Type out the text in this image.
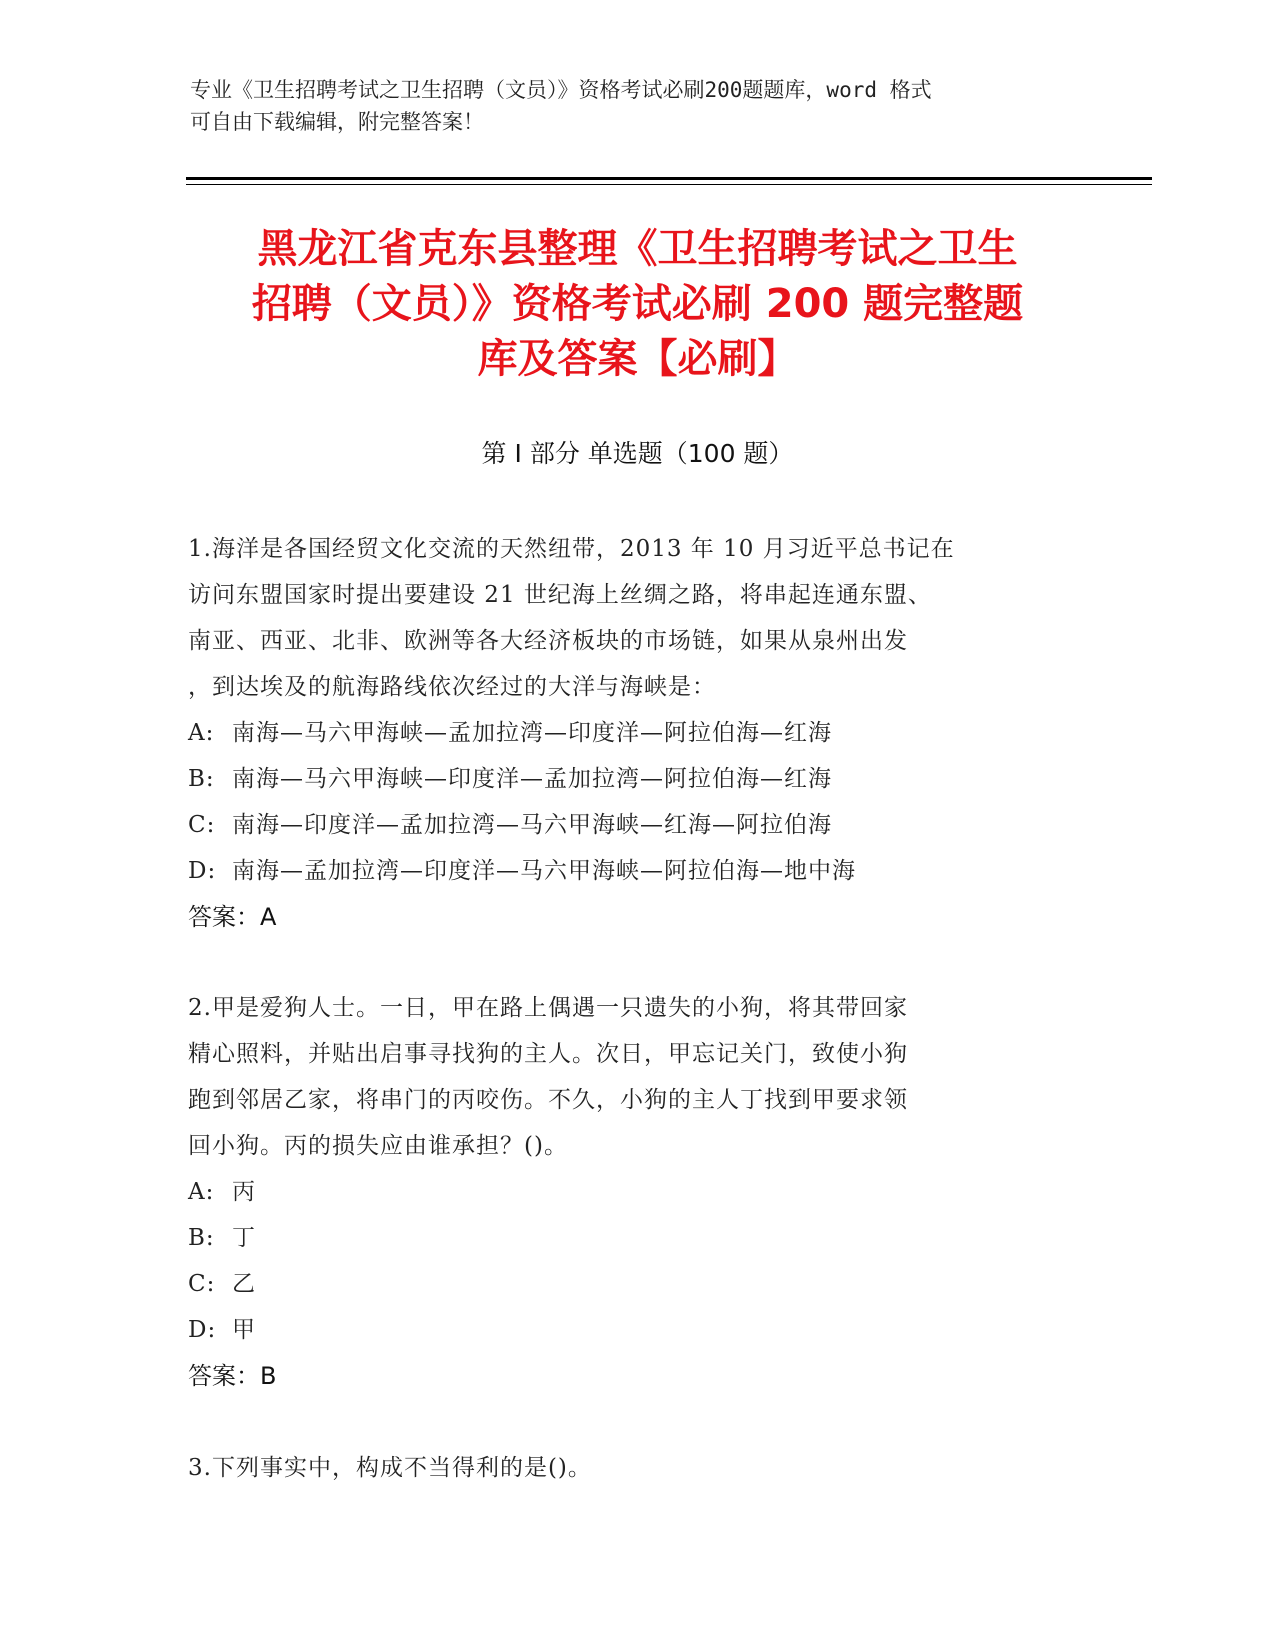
专业《卫生招聘考试之卫生招聘（文员）》资格考试必刷200题题库，word 格式
可自由下载编辑，附完整答案！
黑龙江省克东县整理《卫生招聘考试之卫生
招聘（文员）》资格考试必刷 200 题完整题
库及答案【必刷】
第 I 部分 单选题（100 题）

1.海洋是各国经贸文化交流的天然纽带，2013 年 10 月习近平总书记在
访问东盟国家时提出要建设 21 世纪海上丝绸之路，将串起连通东盟、
南亚、西亚、北非、欧洲等各大经济板块的市场链，如果从泉州出发
，到达埃及的航海路线依次经过的大洋与海峡是：

A: 南海—马六甲海峡—孟加拉湾—印度洋—阿拉伯海—红海

B: 南海—马六甲海峡—印度洋—孟加拉湾—阿拉伯海—红海

C: 南海—印度洋—孟加拉湾—马六甲海峡—红海—阿拉伯海

D: 南海—孟加拉湾—印度洋—马六甲海峡—阿拉伯海—地中海

答案：A

2.甲是爱狗人士。一日，甲在路上偶遇一只遗失的小狗，将其带回家
精心照料，并贴出启事寻找狗的主人。次日，甲忘记关门，致使小狗
跑到邻居乙家，将串门的丙咬伤。不久，小狗的主人丁找到甲要求领
回小狗。丙的损失应由谁承担？()。

A: 丙

B: 丁

C: 乙

D: 甲

答案：B

3.下列事实中，构成不当得利的是()。
